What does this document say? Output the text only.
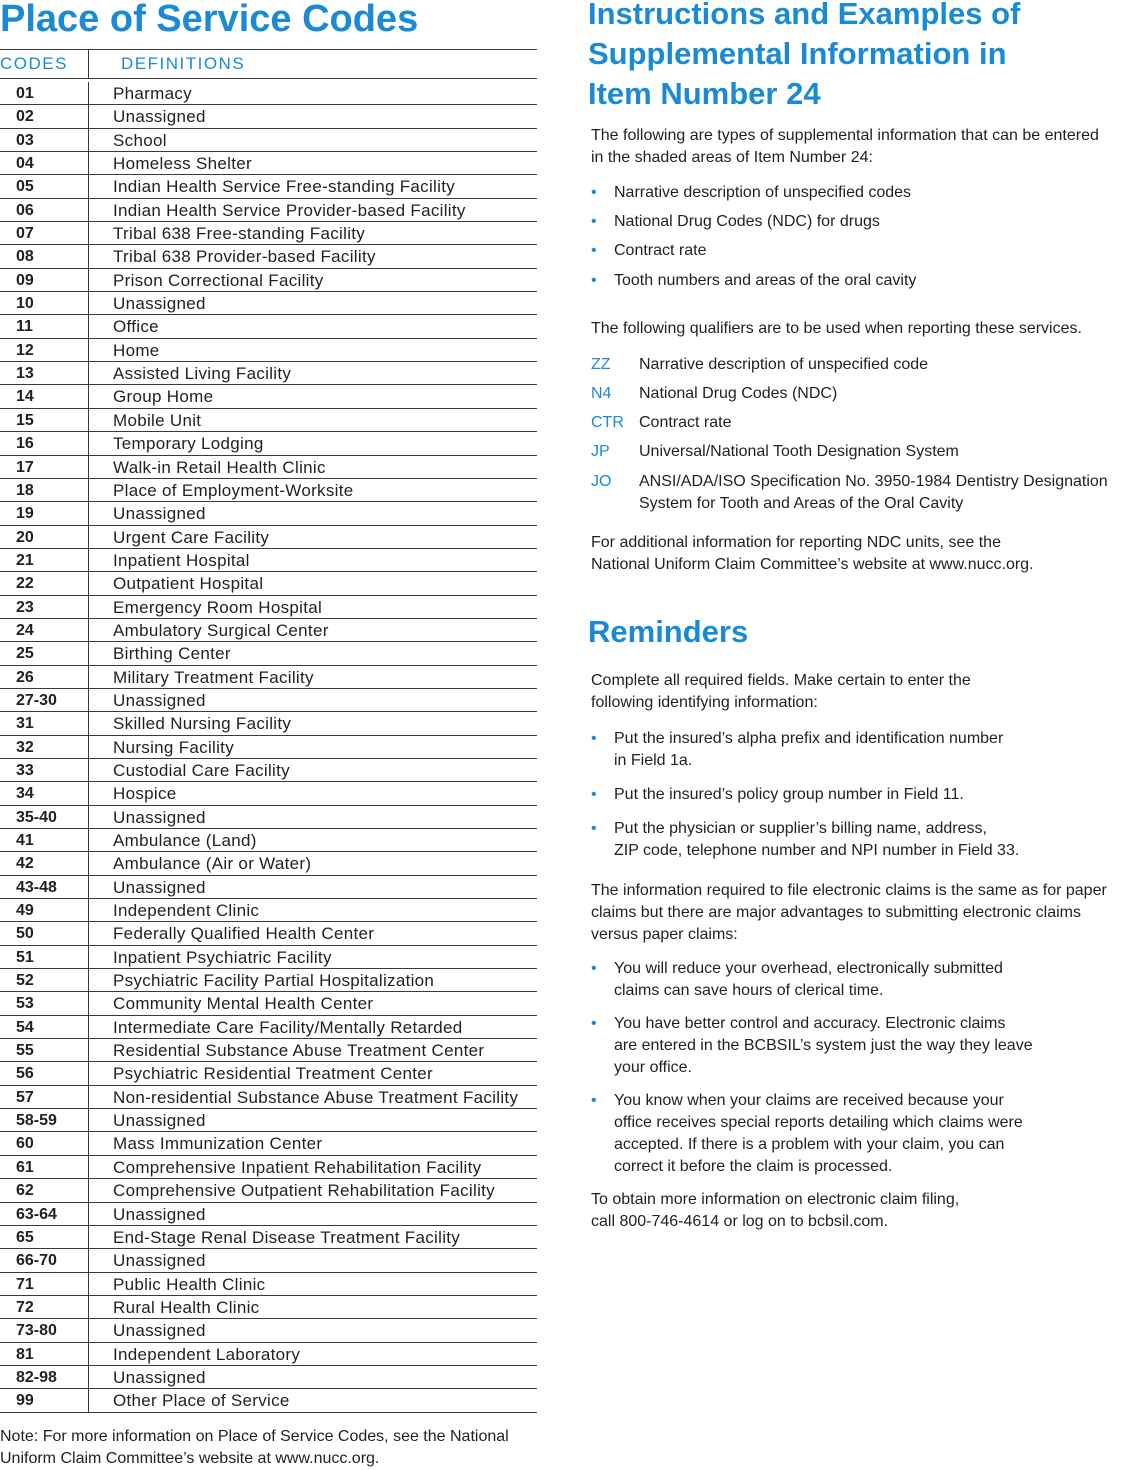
Place of Service Codes
CODES	DEFINITIONS
01	Pharmacy
02	Unassigned
03	School
04	Homeless Shelter
05	Indian Health Service Free-standing Facility
06	Indian Health Service Provider-based Facility
07	Tribal 638 Free-standing Facility
08	Tribal 638 Provider-based Facility
09	Prison Correctional Facility
10	Unassigned
11	Office
12	Home
13	Assisted Living Facility
14	Group Home
15	Mobile Unit
16	Temporary Lodging
17	Walk-in Retail Health Clinic
18	Place of Employment-Worksite
19	Unassigned
20	Urgent Care Facility
21	Inpatient Hospital
22	Outpatient Hospital
23	Emergency Room Hospital
24	Ambulatory Surgical Center
25	Birthing Center
26	Military Treatment Facility
27-30	Unassigned
31	Skilled Nursing Facility
32	Nursing Facility
33	Custodial Care Facility
34	Hospice
35-40	Unassigned
41	Ambulance (Land)
42	Ambulance (Air or Water)
43-48	Unassigned
49	Independent Clinic
50	Federally Qualified Health Center
51	Inpatient Psychiatric Facility
52	Psychiatric Facility Partial Hospitalization
53	Community Mental Health Center
54	Intermediate Care Facility/Mentally Retarded
55	Residential Substance Abuse Treatment Center
56	Psychiatric Residential Treatment Center
57	Non-residential Substance Abuse Treatment Facility
58-59	Unassigned
60	Mass Immunization Center
61	Comprehensive Inpatient Rehabilitation Facility
62	Comprehensive Outpatient Rehabilitation Facility
63-64	Unassigned
65	End-Stage Renal Disease Treatment Facility
66-70	Unassigned
71	Public Health Clinic
72	Rural Health Clinic
73-80	Unassigned
81	Independent Laboratory
82-98	Unassigned
99	Other Place of Service
Note: For more information on Place of Service Codes, see the National Uniform Claim Committee’s website at www.nucc.org.
Instructions and Examples of
Supplemental Information in
Item Number 24
The following are types of supplemental information that can be entered
in the shaded areas of Item Number 24:
• Narrative description of unspecified codes
• National Drug Codes (NDC) for drugs
• Contract rate
• Tooth numbers and areas of the oral cavity
The following qualifiers are to be used when reporting these services.
ZZ Narrative description of unspecified code
N4 National Drug Codes (NDC)
CTR Contract rate
JP Universal/National Tooth Designation System
JO ANSI/ADA/ISO Specification No. 3950-1984 Dentistry Designation System for Tooth and Areas of the Oral Cavity
For additional information for reporting NDC units, see the
National Uniform Claim Committee’s website at www.nucc.org.
Reminders
Complete all required fields. Make certain to enter the
following identifying information:
• Put the insured’s alpha prefix and identification number
in Field 1a.
• Put the insured’s policy group number in Field 11.
• Put the physician or supplier’s billing name, address,
ZIP code, telephone number and NPI number in Field 33.
The information required to file electronic claims is the same as for paper
claims but there are major advantages to submitting electronic claims
versus paper claims:
• You will reduce your overhead, electronically submitted
claims can save hours of clerical time.
• You have better control and accuracy. Electronic claims
are entered in the BCBSIL’s system just the way they leave
your office.
• You know when your claims are received because your
office receives special reports detailing which claims were
accepted. If there is a problem with your claim, you can
correct it before the claim is processed.
To obtain more information on electronic claim filing,
call 800-746-4614 or log on to bcbsil.com.
